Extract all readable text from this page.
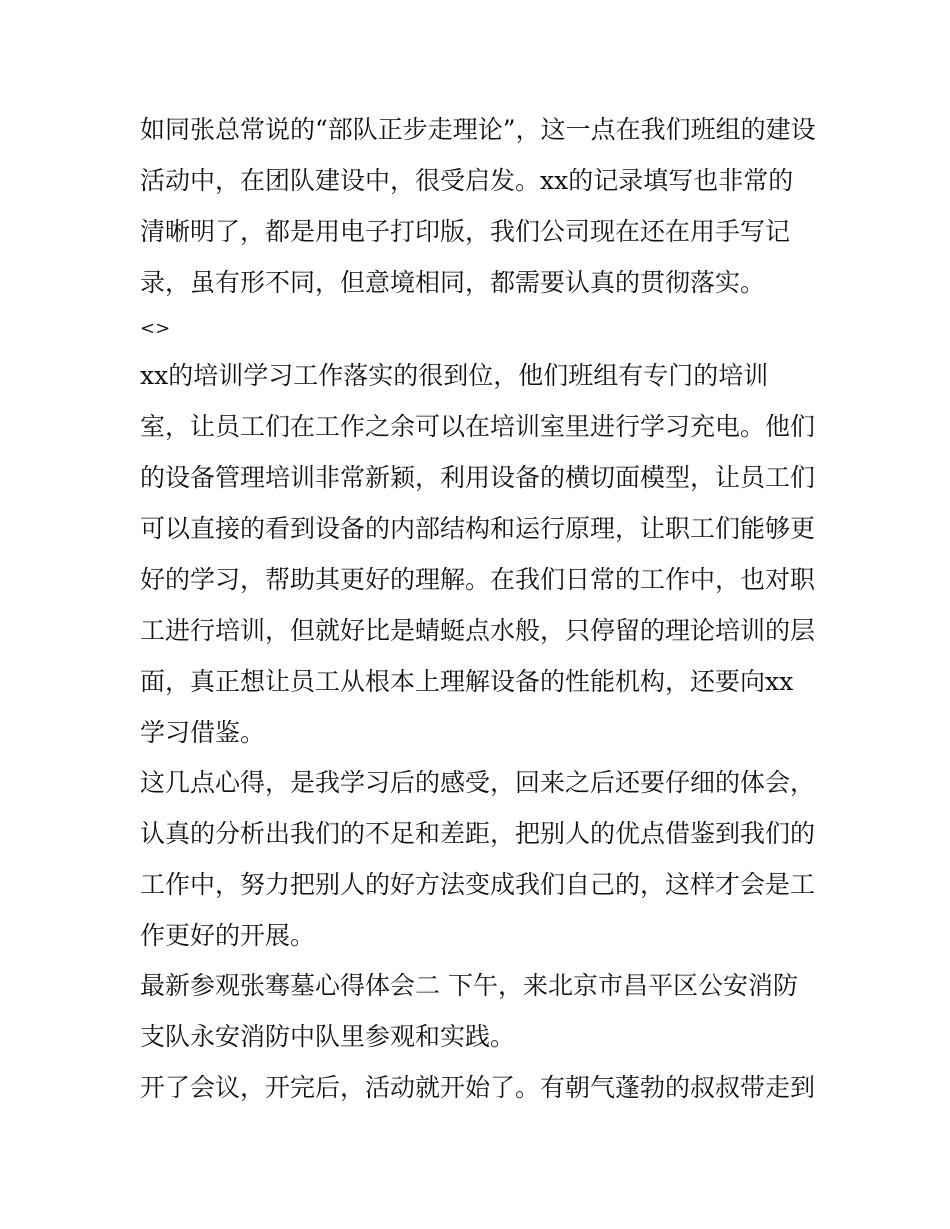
如同张总常说的“部队正步走理论”，这一点在我们班组的建设
活动中，在团队建设中，很受启发。xx的记录填写也非常的
清晰明了，都是用电子打印版，我们公司现在还在用手写记
录，虽有形不同，但意境相同，都需要认真的贯彻落实。
<>
xx的培训学习工作落实的很到位，他们班组有专门的培训
室，让员工们在工作之余可以在培训室里进行学习充电。他们
的设备管理培训非常新颖，利用设备的横切面模型，让员工们
可以直接的看到设备的内部结构和运行原理，让职工们能够更
好的学习，帮助其更好的理解。在我们日常的工作中，也对职
工进行培训，但就好比是蜻蜓点水般，只停留的理论培训的层
面，真正想让员工从根本上理解设备的性能机构，还要向xx
学习借鉴。
这几点心得，是我学习后的感受，回来之后还要仔细的体会，
认真的分析出我们的不足和差距，把别人的优点借鉴到我们的
工作中，努力把别人的好方法变成我们自己的，这样才会是工
作更好的开展。
最新参观张骞墓心得体会二 下午，来北京市昌平区公安消防
支队永安消防中队里参观和实践。
开了会议，开完后，活动就开始了。有朝气蓬勃的叔叔带走到
